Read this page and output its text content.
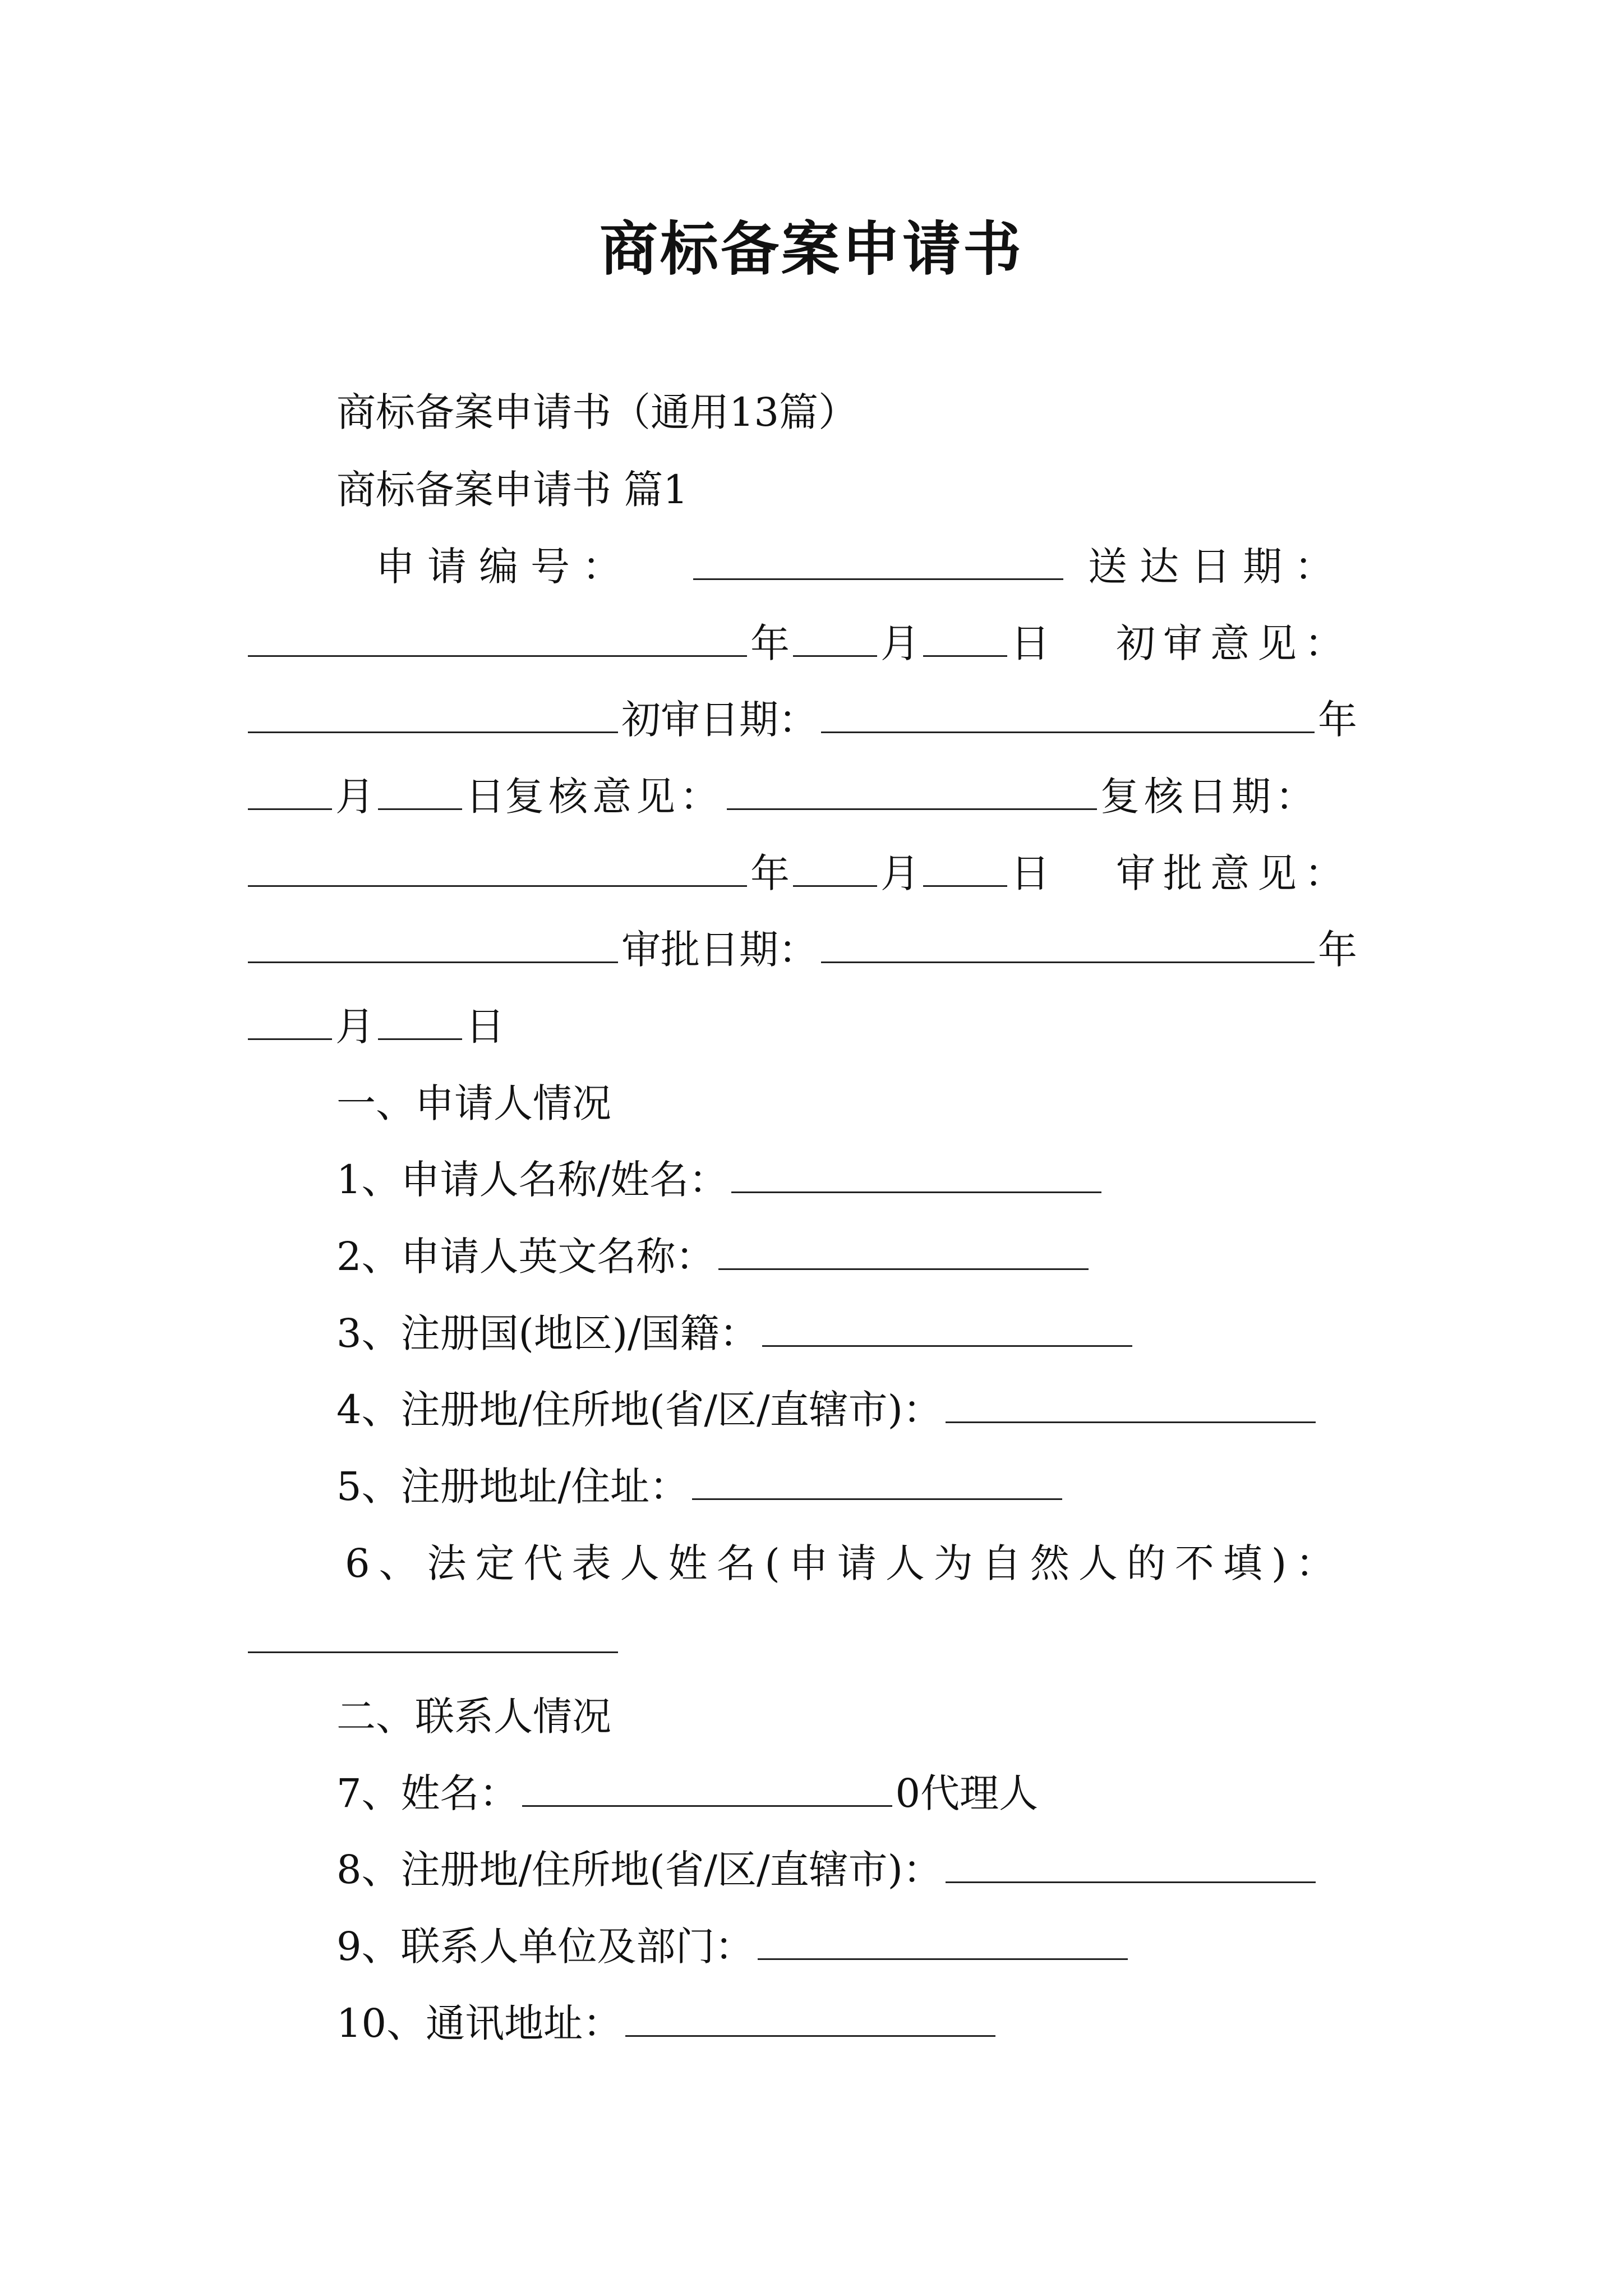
商标备案申请书
商标备案申请书（通用13篇）
商标备案申请书 篇1
申请编号：	送达日期：
年 月 日 初审意见：
初审日期：	年
月 日复核意见：	复核日期：
年 月 日 审批意见：
审批日期：	年
月 日
一、申请人情况
1、申请人名称/姓名：
2、申请人英文名称：
3、注册国(地区)/国籍：
4、注册地/住所地(省/区/直辖市)：
5、注册地址/住址：
6、法定代表人姓名(申请人为自然人的不填)：
二、联系人情况
7、姓名：	0代理人
8、注册地/住所地(省/区/直辖市)：
9、联系人单位及部门：
10、通讯地址：
